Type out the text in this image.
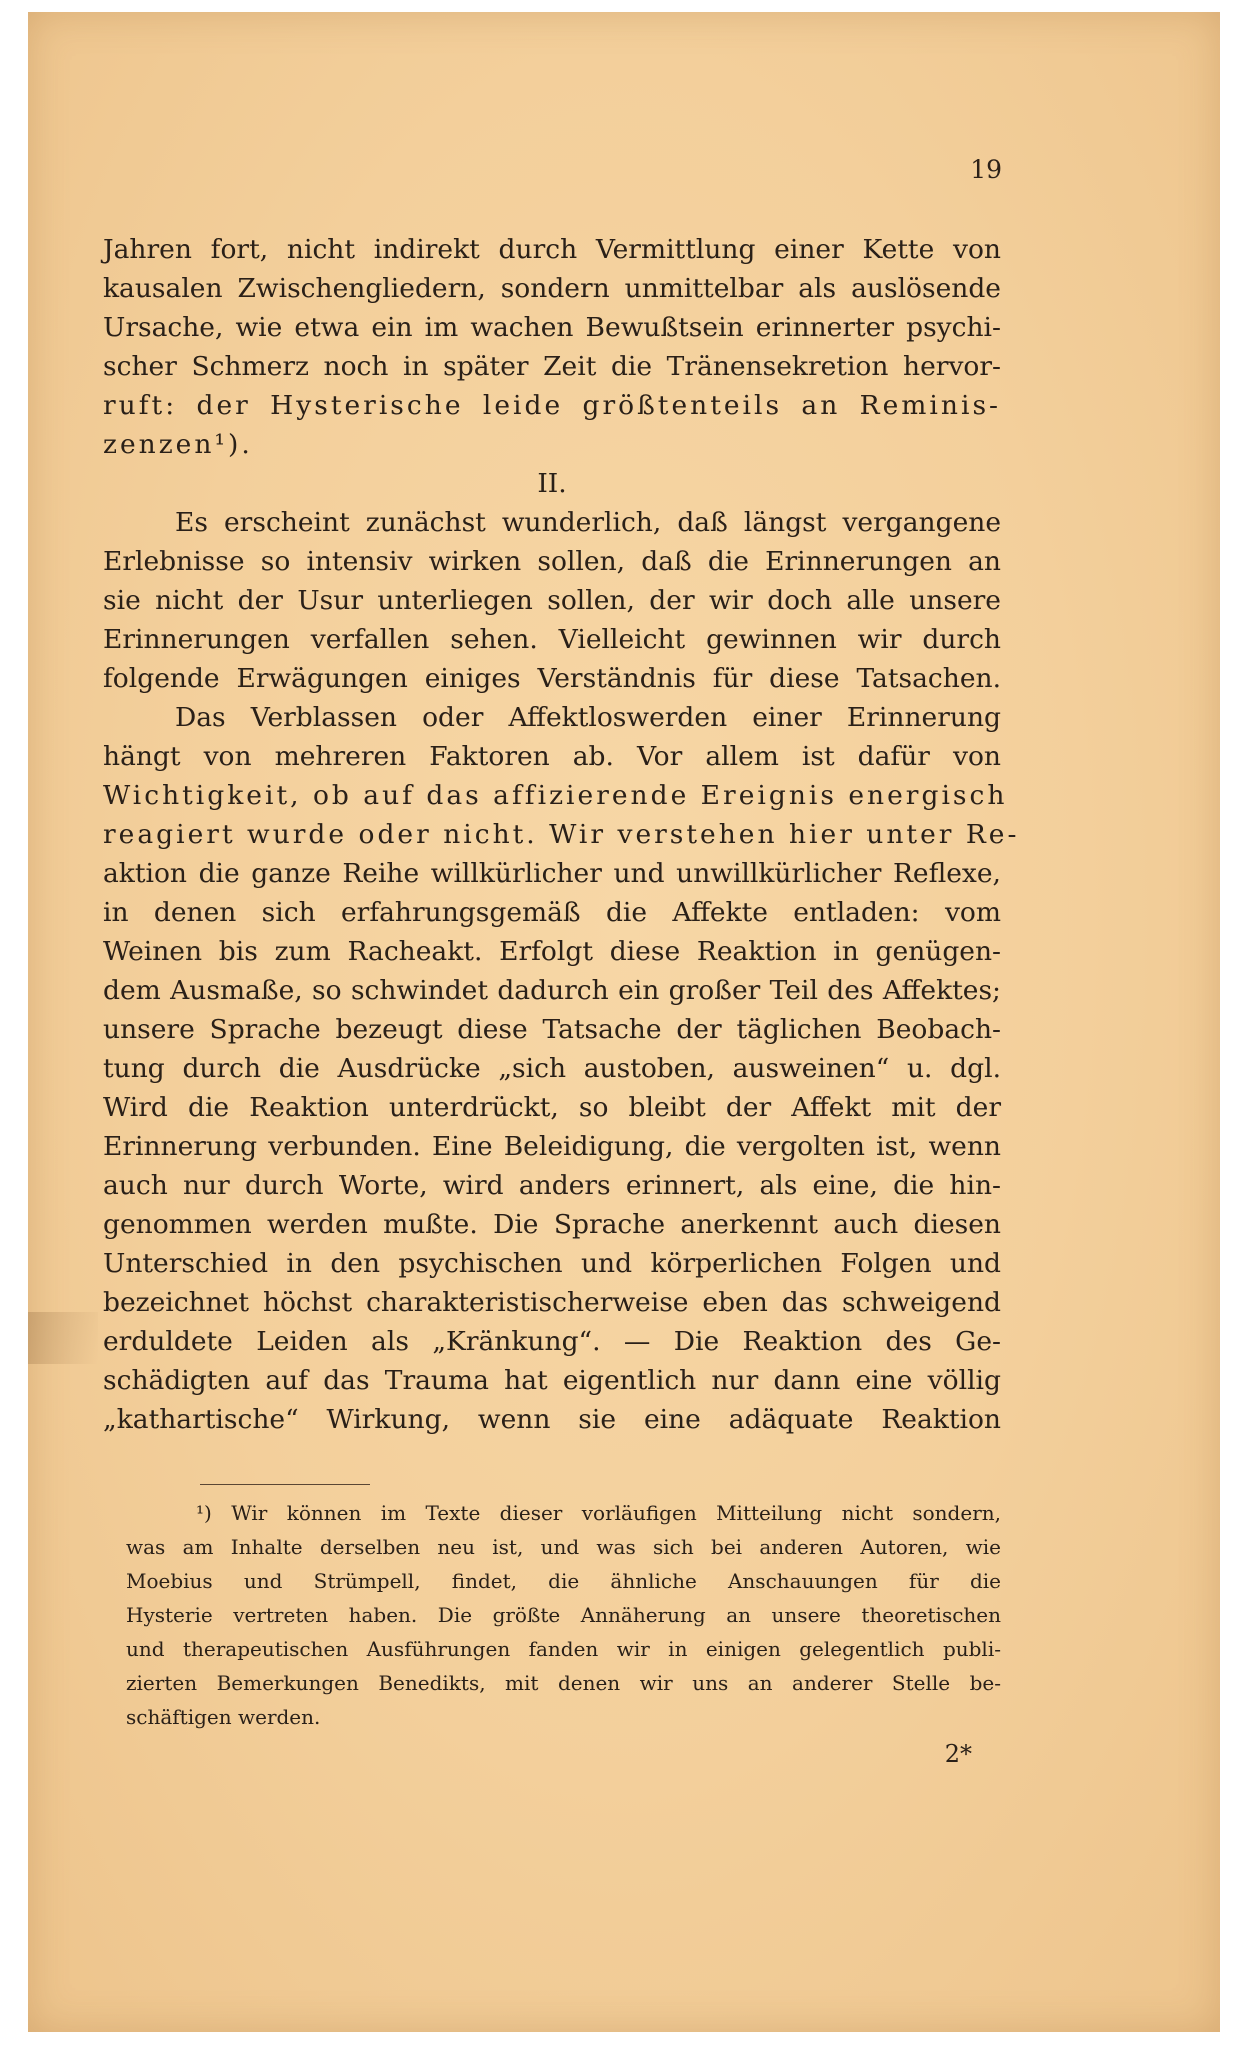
19

Jahren fort, nicht indirekt durch Vermittlung einer Kette von
kausalen Zwischengliedern, sondern unmittelbar als auslösende
Ursache, wie etwa ein im wachen Bewußtsein erinnerter psychi-
scher Schmerz noch in später Zeit die Tränensekretion hervor-
ruft: der Hysterische leide größtenteils an Reminis-
zenzen¹).
II.
Es erscheint zunächst wunderlich, daß längst vergangene
Erlebnisse so intensiv wirken sollen, daß die Erinnerungen an
sie nicht der Usur unterliegen sollen, der wir doch alle unsere
Erinnerungen verfallen sehen. Vielleicht gewinnen wir durch
folgende Erwägungen einiges Verständnis für diese Tatsachen.
Das Verblassen oder Affektloswerden einer Erinnerung
hängt von mehreren Faktoren ab. Vor allem ist dafür von
Wichtigkeit, ob auf das affizierende Ereignis energisch
reagiert wurde oder nicht. Wir verstehen hier unter Re-
aktion die ganze Reihe willkürlicher und unwillkürlicher Reflexe,
in denen sich erfahrungsgemäß die Affekte entladen: vom
Weinen bis zum Racheakt. Erfolgt diese Reaktion in genügen-
dem Ausmaße, so schwindet dadurch ein großer Teil des Affektes;
unsere Sprache bezeugt diese Tatsache der täglichen Beobach-
tung durch die Ausdrücke „sich austoben, ausweinen“ u. dgl.
Wird die Reaktion unterdrückt, so bleibt der Affekt mit der
Erinnerung verbunden. Eine Beleidigung, die vergolten ist, wenn
auch nur durch Worte, wird anders erinnert, als eine, die hin-
genommen werden mußte. Die Sprache anerkennt auch diesen
Unterschied in den psychischen und körperlichen Folgen und
bezeichnet höchst charakteristischerweise eben das schweigend
erduldete Leiden als „Kränkung“. — Die Reaktion des Ge-
schädigten auf das Trauma hat eigentlich nur dann eine völlig
„kathartische“ Wirkung, wenn sie eine adäquate Reaktion
¹) Wir können im Texte dieser vorläufigen Mitteilung nicht sondern,
was am Inhalte derselben neu ist, und was sich bei anderen Autoren, wie
Moebius und Strümpell, findet, die ähnliche Anschauungen für die
Hysterie vertreten haben. Die größte Annäherung an unsere theoretischen
und therapeutischen Ausführungen fanden wir in einigen gelegentlich publi-
zierten Bemerkungen Benedikts, mit denen wir uns an anderer Stelle be-
schäftigen werden.

2*
